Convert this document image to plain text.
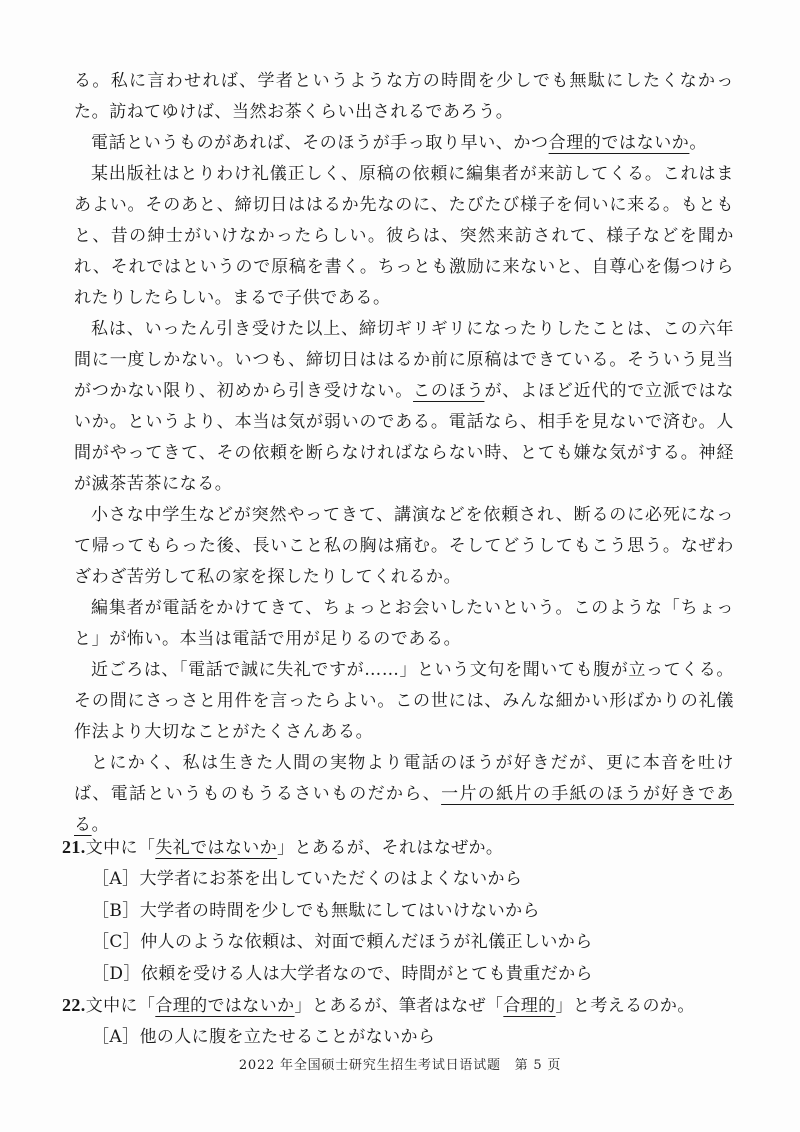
る。私に言わせれば、学者というような方の時間を少しでも無駄にしたくなかった。訪ねてゆけば、当然お茶くらい出されるであろう。

電話というものがあれば、そのほうが手っ取り早い、かつ合理的ではないか。

某出版社はとりわけ礼儀正しく、原稿の依頼に編集者が来訪してくる。これはまあよい。そのあと、締切日ははるか先なのに、たびたび様子を伺いに来る。もともと、昔の紳士がいけなかったらしい。彼らは、突然来訪されて、様子などを聞かれ、それではというので原稿を書く。ちっとも激励に来ないと、自尊心を傷つけられたりしたらしい。まるで子供である。

私は、いったん引き受けた以上、締切ギリギリになったりしたことは、この六年間に一度しかない。いつも、締切日ははるか前に原稿はできている。そういう見当がつかない限り、初めから引き受けない。このほうが、よほど近代的で立派ではないか。というより、本当は気が弱いのである。電話なら、相手を見ないで済む。人間がやってきて、その依頼を断らなければならない時、とても嫌な気がする。神経が滅茶苦茶になる。

小さな中学生などが突然やってきて、講演などを依頼され、断るのに必死になって帰ってもらった後、長いこと私の胸は痛む。そしてどうしてもこう思う。なぜわざわざ苦労して私の家を探したりしてくれるか。

編集者が電話をかけてきて、ちょっとお会いしたいという。このような「ちょっと」が怖い。本当は電話で用が足りるのである。

近ごろは、「電話で誠に失礼ですが……」という文句を聞いても腹が立ってくる。その間にさっさと用件を言ったらよい。この世には、みんな細かい形ばかりの礼儀作法より大切なことがたくさんある。

とにかく、私は生きた人間の実物より電話のほうが好きだが、更に本音を吐けば、電話というものもうるさいものだから、一片の紙片の手紙のほうが好きである。

21.文中に「失礼ではないか」とあるが、それはなぜか。

［A］大学者にお茶を出していただくのはよくないから

［B］大学者の時間を少しでも無駄にしてはいけないから

［C］仲人のような依頼は、対面で頼んだほうが礼儀正しいから

［D］依頼を受ける人は大学者なので、時間がとても貴重だから

22.文中に「合理的ではないか」とあるが、筆者はなぜ「合理的」と考えるのか。

［A］他の人に腹を立たせることがないから

2022 年全国硕士研究生招生考试日语试题　第 5 页
